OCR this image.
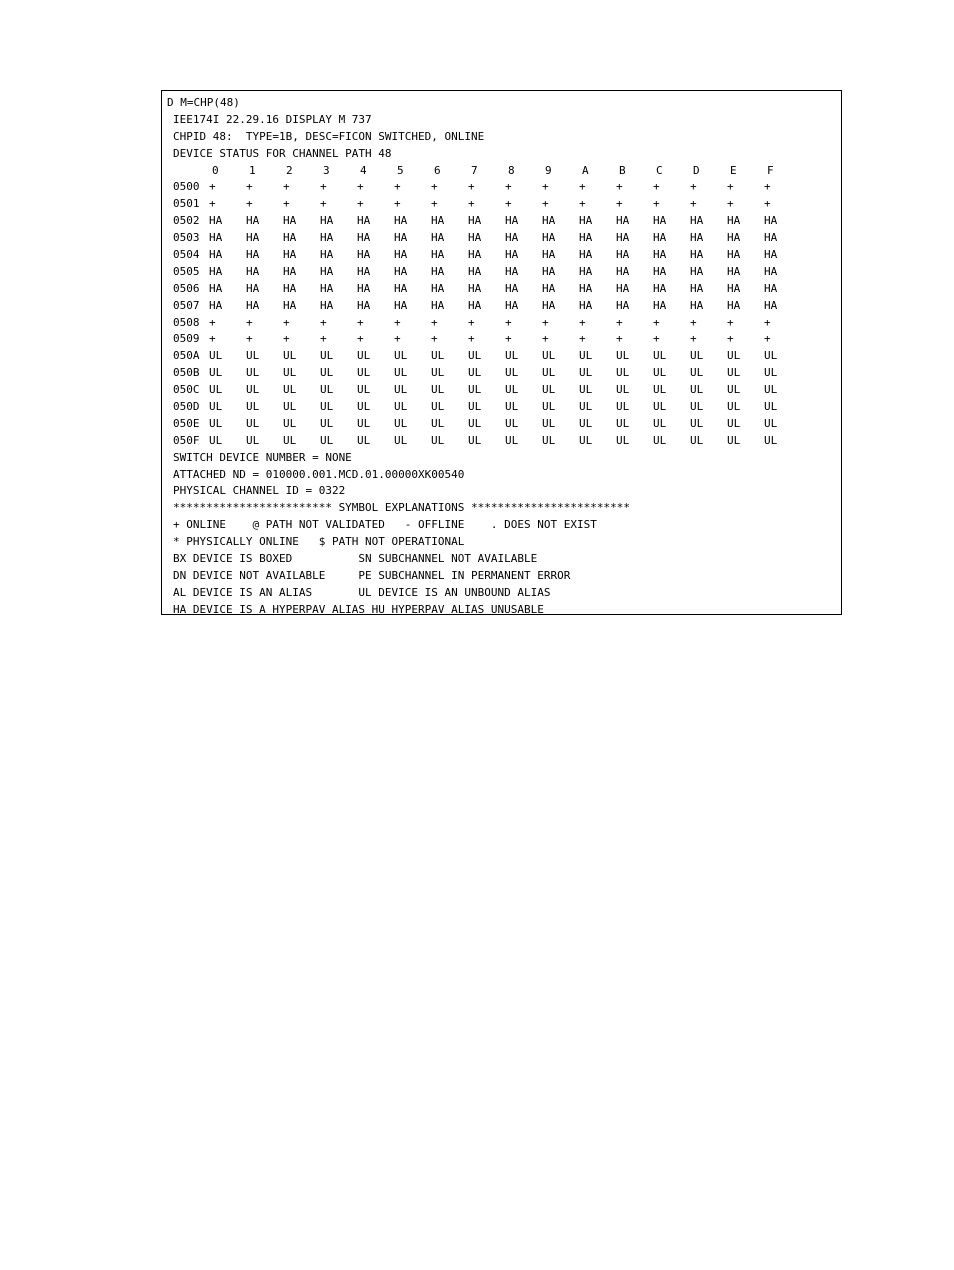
D M=CHP(48)
IEE174I 22.29.16 DISPLAY M 737
CHPID 48:  TYPE=1B, DESC=FICON SWITCHED, ONLINE
DEVICE STATUS FOR CHANNEL PATH 48
0	1	2	3	4	5	6	7	8	9	A	B	C	D	E	F
0500 +	+	+	+	+	+	+	+	+	+	+	+	+	+	+	+
0501 +	+	+	+	+	+	+	+	+	+	+	+	+	+	+	+
0502 HA HA HA HA HA HA HA HA HA HA HA HA HA HA HA HA
0503 HA HA HA HA HA HA HA HA HA HA HA HA HA HA HA HA
0504 HA HA HA HA HA HA HA HA HA HA HA HA HA HA HA HA
0505 HA HA HA HA HA HA HA HA HA HA HA HA HA HA HA HA
0506 HA HA HA HA HA HA HA HA HA HA HA HA HA HA HA HA
0507 HA HA HA HA HA HA HA HA HA HA HA HA HA HA HA HA
0508 +	+	+	+	+	+	+	+	+	+	+	+	+	+	+	+
0509 +	+	+	+	+	+	+	+	+	+	+	+	+	+	+	+
050A UL UL UL UL UL UL UL UL UL UL UL UL UL UL UL UL
050B UL UL UL UL UL UL UL UL UL UL UL UL UL UL UL UL
050C UL UL UL UL UL UL UL UL UL UL UL UL UL UL UL UL
050D UL UL UL UL UL UL UL UL UL UL UL UL UL UL UL UL
050E UL UL UL UL UL UL UL UL UL UL UL UL UL UL UL UL
050F UL UL UL UL UL UL UL UL UL UL UL UL UL UL UL UL
SWITCH DEVICE NUMBER = NONE
ATTACHED ND = 010000.001.MCD.01.00000XK00540
PHYSICAL CHANNEL ID = 0322
************************ SYMBOL EXPLANATIONS ************************
+ ONLINE    @ PATH NOT VALIDATED   - OFFLINE    . DOES NOT EXIST
* PHYSICALLY ONLINE   $ PATH NOT OPERATIONAL
BX DEVICE IS BOXED          SN SUBCHANNEL NOT AVAILABLE
DN DEVICE NOT AVAILABLE     PE SUBCHANNEL IN PERMANENT ERROR
AL DEVICE IS AN ALIAS       UL DEVICE IS AN UNBOUND ALIAS
HA DEVICE IS A HYPERPAV ALIAS HU HYPERPAV ALIAS UNUSABLE
